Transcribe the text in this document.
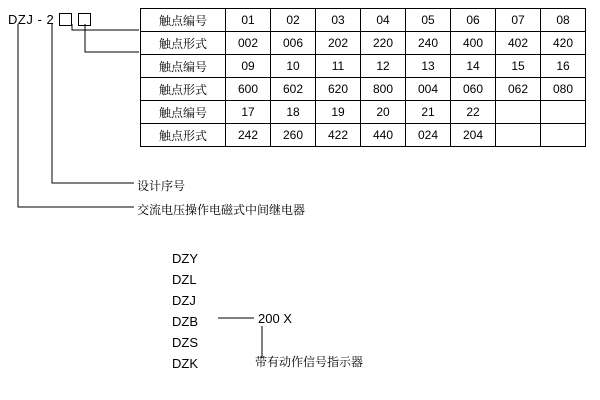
DZJ - 2	触点编号	01	02	03	04	05	06	07	08
触点形式	002	006	202	220	240	400	402	420
触点编号	09	10	11	12	13	14	15	16
触点形式	600	602	620	800	004	060	062	080
触点编号	17	18	19	20	21	22		
触点形式	242	260	422	440	024	204		
设计序号
交流电压操作电磁式中间继电器
DZY
DZL
DZJ
DZB
DZS
DZK
200 X
带有动作信号指示器
